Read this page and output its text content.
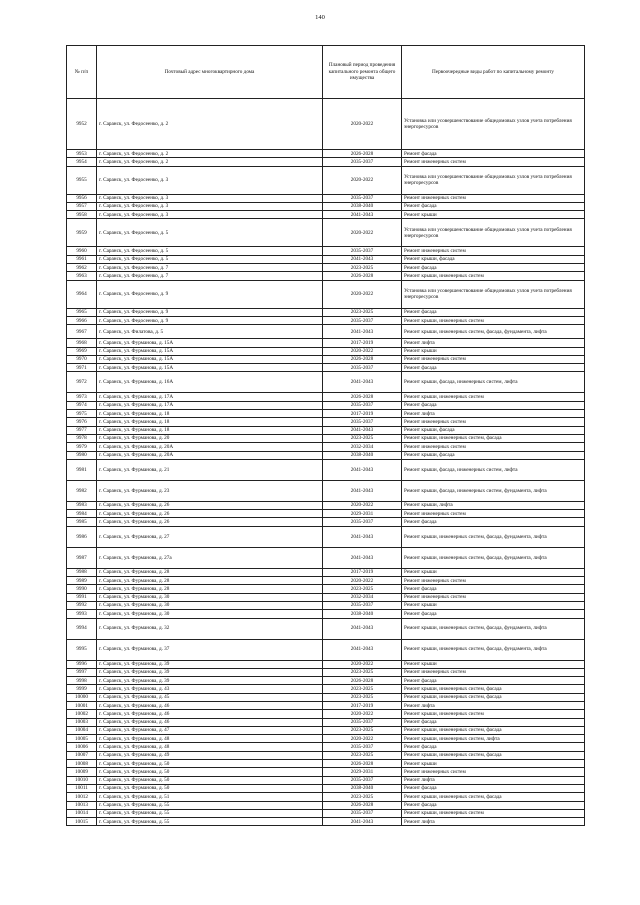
140
№ п/п	Почтовый адрес многоквартирного дома	Плановый период проведения капитального ремонта общего имущества	Первоочередные виды работ по капитальному ремонту
9952	г. Саранск, ул. Федосеенко, д. 2	2020-2022	Установка или усовершенствование общедомовых узлов учета потребления энергоресурсов
9953	г. Саранск, ул. Федосеенко, д. 2	2026-2028	Ремонт фасада
9954	г. Саранск, ул. Федосеенко, д. 2	2035-2037	Ремонт инженерных систем
9955	г. Саранск, ул. Федосеенко, д. 3	2020-2022	Установка или усовершенствование общедомовых узлов учета потребления энергоресурсов
9956	г. Саранск, ул. Федосеенко, д. 3	2035-2037	Ремонт инженерных систем
9957	г. Саранск, ул. Федосеенко, д. 3	2038-2040	Ремонт фасада
9958	г. Саранск, ул. Федосеенко, д. 3	2041-2043	Ремонт крыши
9959	г. Саранск, ул. Федосеенко, д. 5	2020-2022	Установка или усовершенствование общедомовых узлов учета потребления энергоресурсов
9960	г. Саранск, ул. Федосеенко, д. 5	2035-2037	Ремонт инженерных систем
9961	г. Саранск, ул. Федосеенко, д. 5	2041-2043	Ремонт крыши, фасада
9962	г. Саранск, ул. Федосеенко, д. 7	2023-2025	Ремонт фасада
9963	г. Саранск, ул. Федосеенко, д. 7	2026-2028	Ремонт крыши, инженерных систем
9964	г. Саранск, ул. Федосеенко, д. 9	2020-2022	Установка или усовершенствование общедомовых узлов учета потребления энергоресурсов
9965	г. Саранск, ул. Федосеенко, д. 9	2023-2025	Ремонт фасада
9966	г. Саранск, ул. Федосеенко, д. 9	2035-2037	Ремонт крыши, инженерных систем
9967	г. Саранск, ул. Филатова, д. 5	2041-2043	Ремонт крыши, инженерных систем, фасада, фундамента, лифта
9968	г. Саранск, ул. Фурманова, д. 15А	2017-2019	Ремонт лифта
9969	г. Саранск, ул. Фурманова, д. 15А	2020-2022	Ремонт крыши
9970	г. Саранск, ул. Фурманова, д. 15А	2026-2028	Ремонт инженерных систем
9971	г. Саранск, ул. Фурманова, д. 15А	2035-2037	Ремонт фасада
9972	г. Саранск, ул. Фурманова, д. 16А	2041-2043	Ремонт крыши, фасада, инженерных систем, лифта
9973	г. Саранск, ул. Фурманова, д. 17А	2026-2028	Ремонт крыши, инженерных систем
9974	г. Саранск, ул. Фурманова, д. 17А	2035-2037	Ремонт фасада
9975	г. Саранск, ул. Фурманова, д. 18	2017-2019	Ремонт лифта
9976	г. Саранск, ул. Фурманова, д. 18	2035-2037	Ремонт инженерных систем
9977	г. Саранск, ул. Фурманова, д. 18	2041-2043	Ремонт крыши, фасада
9978	г. Саранск, ул. Фурманова, д. 20	2023-2025	Ремонт крыши, инженерных систем, фасада
9979	г. Саранск, ул. Фурманова, д. 20А	2032-2034	Ремонт инженерных систем
9980	г. Саранск, ул. Фурманова, д. 20А	2038-2040	Ремонт крыши, фасада
9981	г. Саранск, ул. Фурманова, д. 21	2041-2043	Ремонт крыши, фасада, инженерных систем, лифта
9982	г. Саранск, ул. Фурманова, д. 23	2041-2043	Ремонт крыши, фасада, инженерных систем, фундамента, лифта
9983	г. Саранск, ул. Фурманова, д. 26	2020-2022	Ремонт крыши, лифта
9984	г. Саранск, ул. Фурманова, д. 26	2029-2031	Ремонт инженерных систем
9985	г. Саранск, ул. Фурманова, д. 26	2035-2037	Ремонт фасада
9986	г. Саранск, ул. Фурманова, д. 27	2041-2043	Ремонт крыши, инженерных систем, фасада, фундамента, лифта
9987	г. Саранск, ул. Фурманова, д. 27а	2041-2043	Ремонт крыши, инженерных систем, фасада, фундамента, лифта
9988	г. Саранск, ул. Фурманова, д. 28	2017-2019	Ремонт крыши
9989	г. Саранск, ул. Фурманова, д. 28	2020-2022	Ремонт инженерных систем
9990	г. Саранск, ул. Фурманова, д. 28	2023-2025	Ремонт фасада
9991	г. Саранск, ул. Фурманова, д. 30	2032-2034	Ремонт инженерных систем
9992	г. Саранск, ул. Фурманова, д. 30	2035-2037	Ремонт крыши
9993	г. Саранск, ул. Фурманова, д. 30	2038-2040	Ремонт фасада
9994	г. Саранск, ул. Фурманова, д. 32	2041-2043	Ремонт крыши, инженерных систем, фасада, фундамента, лифта
9995	г. Саранск, ул. Фурманова, д. 37	2041-2043	Ремонт крыши, инженерных систем, фасада, фундамента, лифта
9996	г. Саранск, ул. Фурманова, д. 39	2020-2022	Ремонт крыши
9997	г. Саранск, ул. Фурманова, д. 39	2023-2025	Ремонт инженерных систем
9998	г. Саранск, ул. Фурманова, д. 39	2026-2028	Ремонт фасада
9999	г. Саранск, ул. Фурманова, д. 43	2023-2025	Ремонт крыши, инженерных систем, фасада
10000	г. Саранск, ул. Фурманова, д. 45	2023-2025	Ремонт крыши, инженерных систем, фасада
10001	г. Саранск, ул. Фурманова, д. 46	2017-2019	Ремонт лифта
10002	г. Саранск, ул. Фурманова, д. 46	2020-2022	Ремонт крыши, инженерных систем
10003	г. Саранск, ул. Фурманова, д. 46	2035-2037	Ремонт фасада
10004	г. Саранск, ул. Фурманова, д. 47	2023-2025	Ремонт крыши, инженерных систем, фасада
10005	г. Саранск, ул. Фурманова, д. 48	2020-2022	Ремонт крыши, инженерных систем, лифта
10006	г. Саранск, ул. Фурманова, д. 48	2035-2037	Ремонт фасада
10007	г. Саранск, ул. Фурманова, д. 49	2023-2025	Ремонт крыши, инженерных систем, фасада
10008	г. Саранск, ул. Фурманова, д. 50	2026-2028	Ремонт крыши
10009	г. Саранск, ул. Фурманова, д. 50	2029-2031	Ремонт инженерных систем
10010	г. Саранск, ул. Фурманова, д. 50	2035-2037	Ремонт лифта
10011	г. Саранск, ул. Фурманова, д. 50	2038-2040	Ремонт фасада
10012	г. Саранск, ул. Фурманова, д. 51	2023-2025	Ремонт крыши, инженерных систем, фасада
10013	г. Саранск, ул. Фурманова, д. 55	2026-2028	Ремонт фасада
10014	г. Саранск, ул. Фурманова, д. 55	2035-2037	Ремонт крыши, инженерных систем
10015	г. Саранск, ул. Фурманова, д. 55	2041-2043	Ремонт лифта
